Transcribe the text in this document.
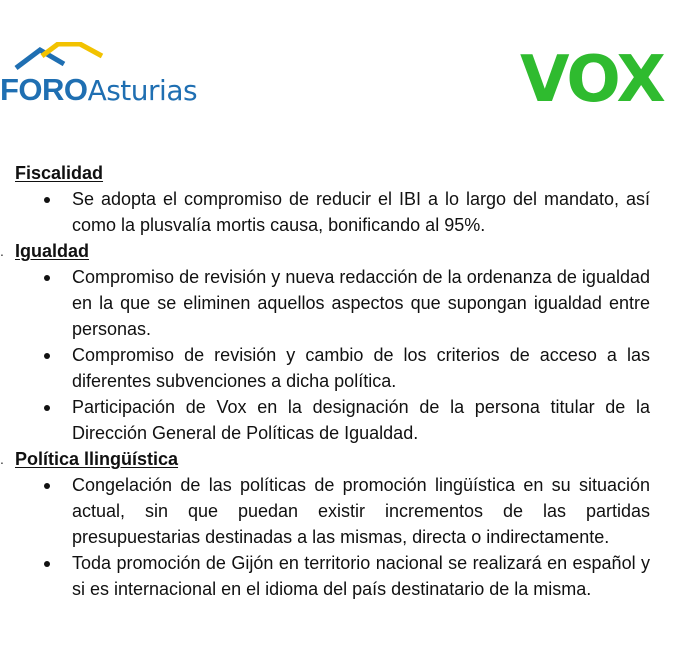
FOROAsturias	VOX
Fiscalidad
Se adopta el compromiso de reducir el IBI a lo largo del mandato, así como la plusvalía mortis causa, bonificando al 95%.
. Igualdad
Compromiso de revisión y nueva redacción de la ordenanza de igualdad en la que se eliminen aquellos aspectos que supongan igualdad entre personas.
Compromiso de revisión y cambio de los criterios de acceso a las diferentes subvenciones a dicha política.
Participación de Vox en la designación de la persona titular de la Dirección General de Políticas de Igualdad.
. Política llingüística
Congelación de las políticas de promoción lingüística en su situación actual, sin que puedan existir incrementos de las partidas presupuestarias destinadas a las mismas, directa o indirectamente.
Toda promoción de Gijón en territorio nacional se realizará en español y si es internacional en el idioma del país destinatario de la misma.
